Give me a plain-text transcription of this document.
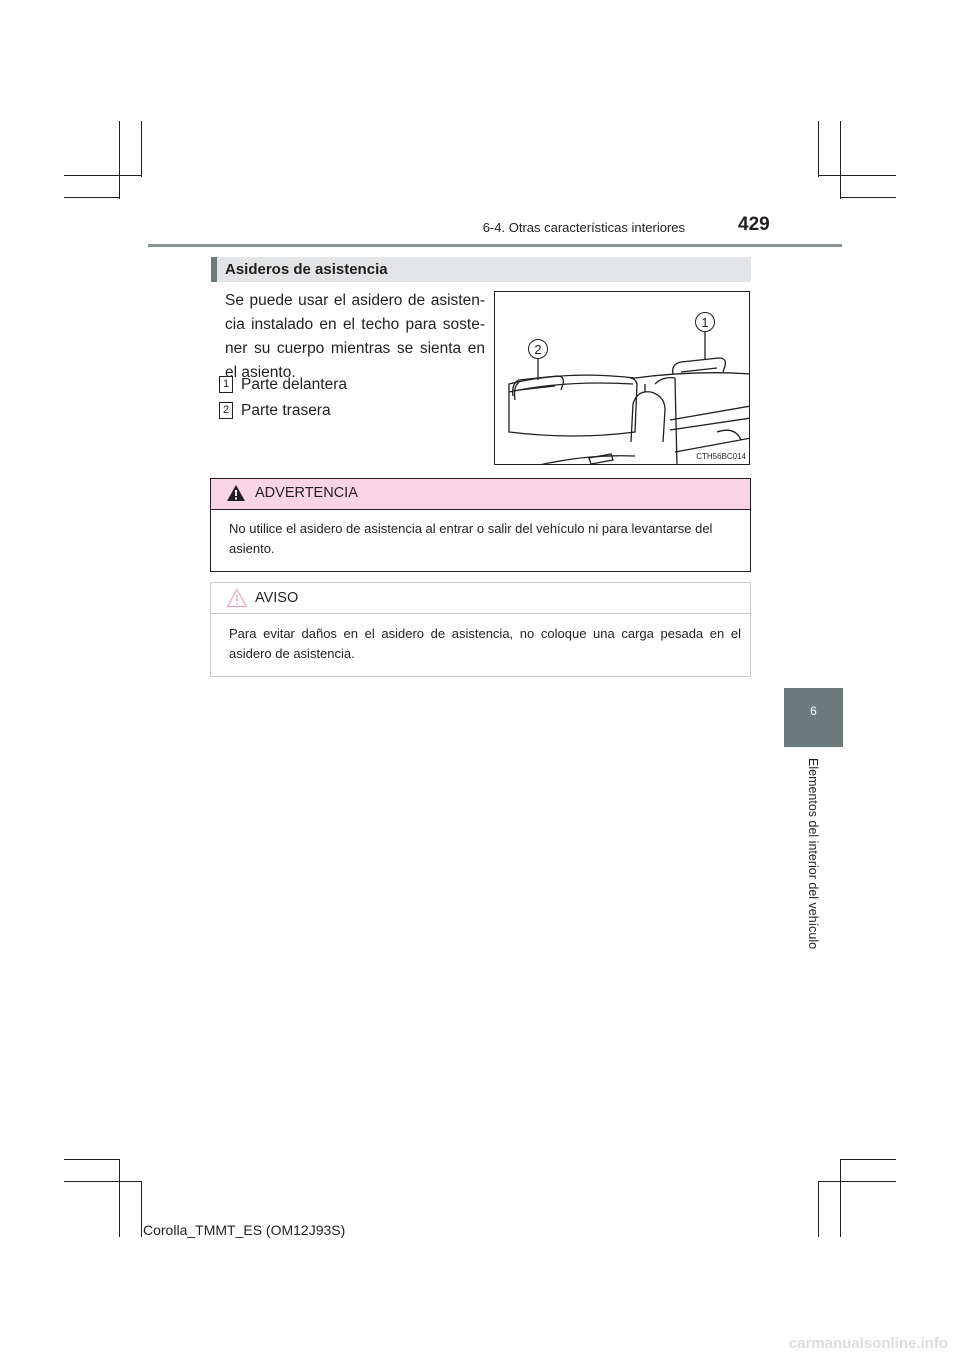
6-4. Otras características interiores	429
Asideros de asistencia
Se puede usar el asidero de asisten-cia instalado en el techo para soste-ner su cuerpo mientras se sienta en el asiento.
1 Parte delantera
2 Parte trasera
2
1
CTH56BC014
ADVERTENCIA
No utilice el asidero de asistencia al entrar o salir del vehículo ni para levantarse del asiento.
AVISO
Para evitar daños en el asidero de asistencia, no coloque una carga pesada en el asidero de asistencia.
6
Elementos del interior del vehículo
Corolla_TMMT_ES (OM12J93S)
carmanualsonline.info
